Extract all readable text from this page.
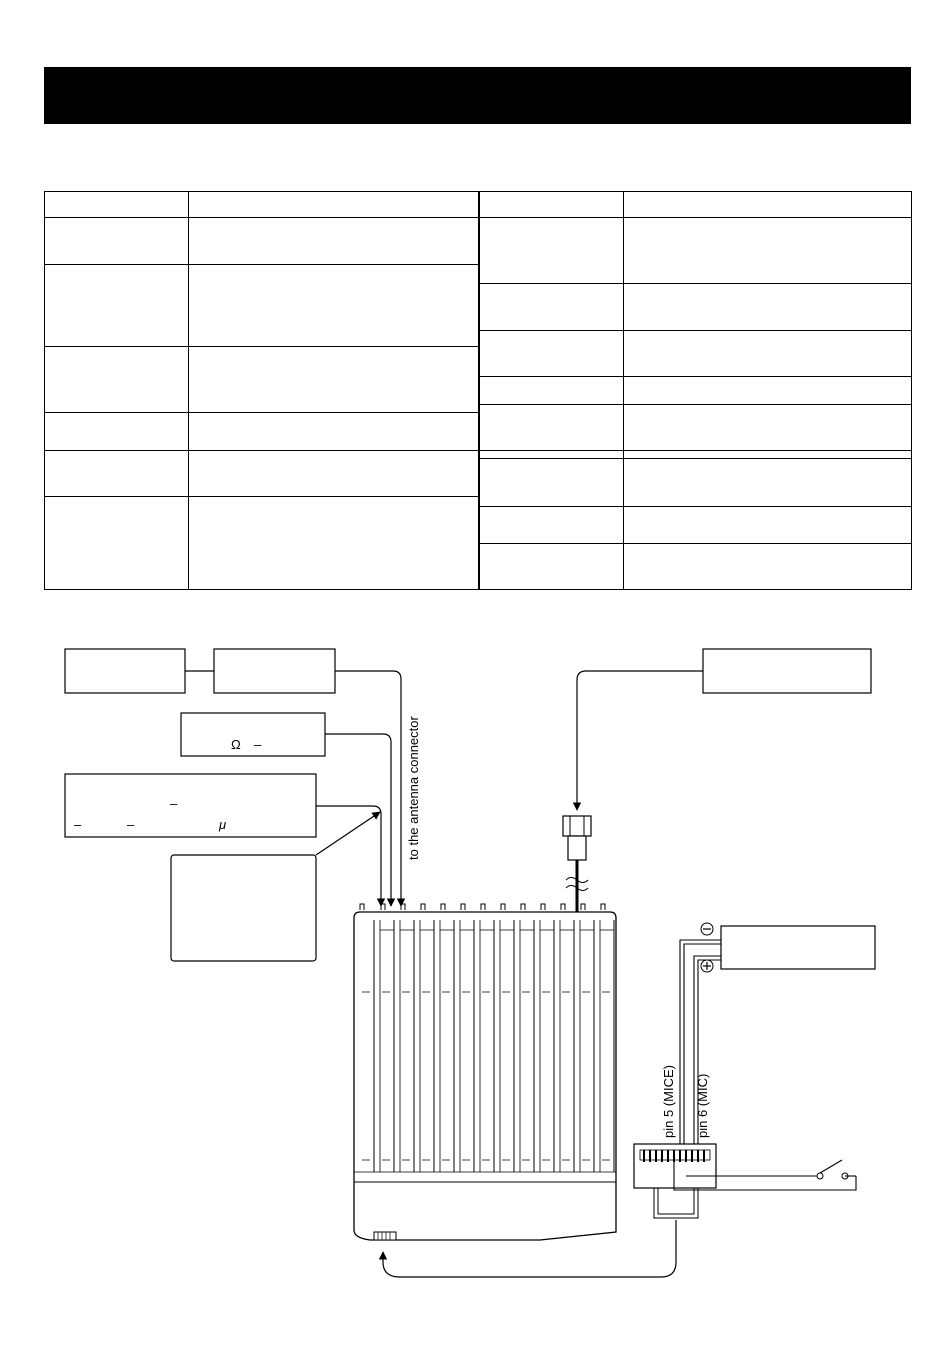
Ω –
–
–	–	μ	to the antenna connector
pin 5 (MICE) pin 6 (MIC)
